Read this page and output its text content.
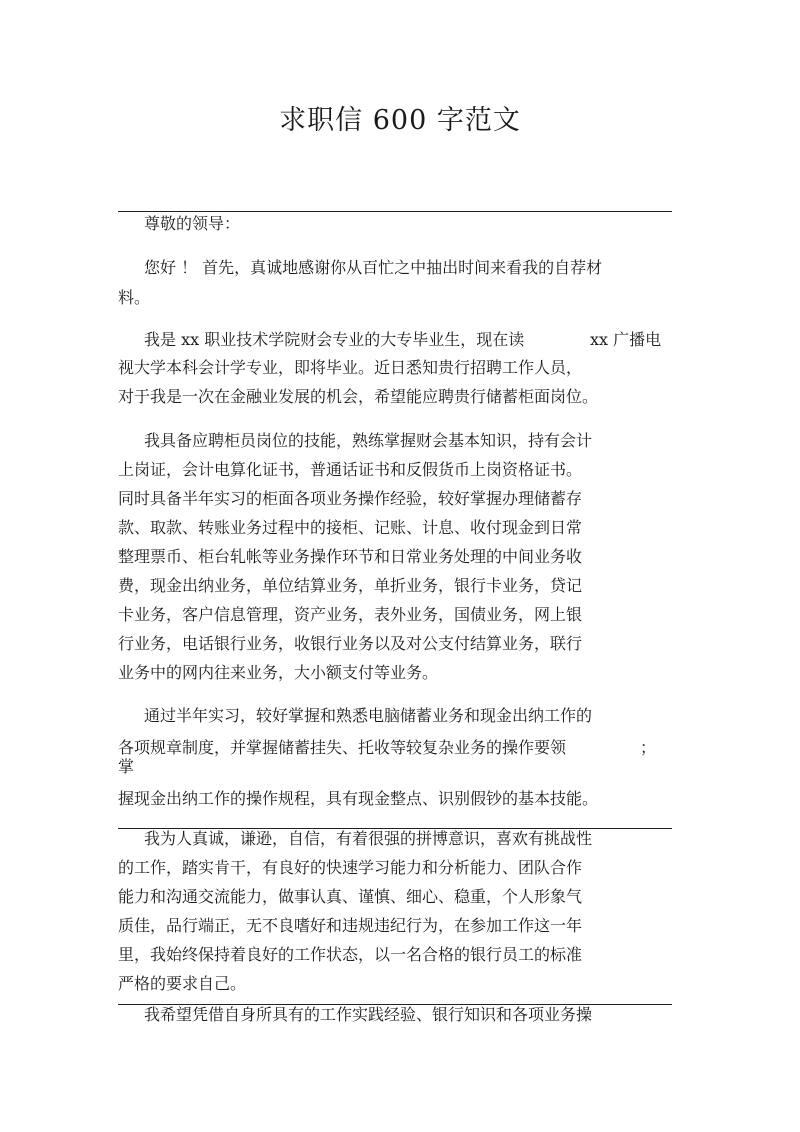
求职信 600 字范文
尊敬的领导：
您好 ！ 首先，真诚地感谢你从百忙之中抽出时间来看我的自荐材
料。
我是 xx 职业技术学院财会专业的大专毕业生，现在读	xx 广播电
视大学本科会计学专业，即将毕业。近日悉知贵行招聘工作人员，
对于我是一次在金融业发展的机会，希望能应聘贵行储蓄柜面岗位。
我具备应聘柜员岗位的技能，熟练掌握财会基本知识，持有会计
上岗证，会计电算化证书，普通话证书和反假货币上岗资格证书。
同时具备半年实习的柜面各项业务操作经验，较好掌握办理储蓄存
款、取款、转账业务过程中的接柜、记账、计息、收付现金到日常
整理票币、柜台轧帐等业务操作环节和日常业务处理的中间业务收
费，现金出纳业务，单位结算业务，单折业务，银行卡业务，贷记
卡业务，客户信息管理，资产业务，表外业务，国债业务，网上银
行业务，电话银行业务，收银行业务以及对公支付结算业务，联行
业务中的网内往来业务，大小额支付等业务。
通过半年实习，较好掌握和熟悉电脑储蓄业务和现金出纳工作的
各项规章制度，并掌握储蓄挂失、托收等较复杂业务的操作要领	；
掌
握现金出纳工作的操作规程，具有现金整点、识别假钞的基本技能。
我为人真诚，谦逊，自信，有着很强的拼博意识，喜欢有挑战性
的工作，踏实肯干，有良好的快速学习能力和分析能力、团队合作
能力和沟通交流能力，做事认真、谨慎、细心、稳重，个人形象气
质佳，品行端正，无不良嗜好和违规违纪行为，在参加工作这一年
里，我始终保持着良好的工作状态，以一名合格的银行员工的标准
严格的要求自己。
我希望凭借自身所具有的工作实践经验、银行知识和各项业务操
